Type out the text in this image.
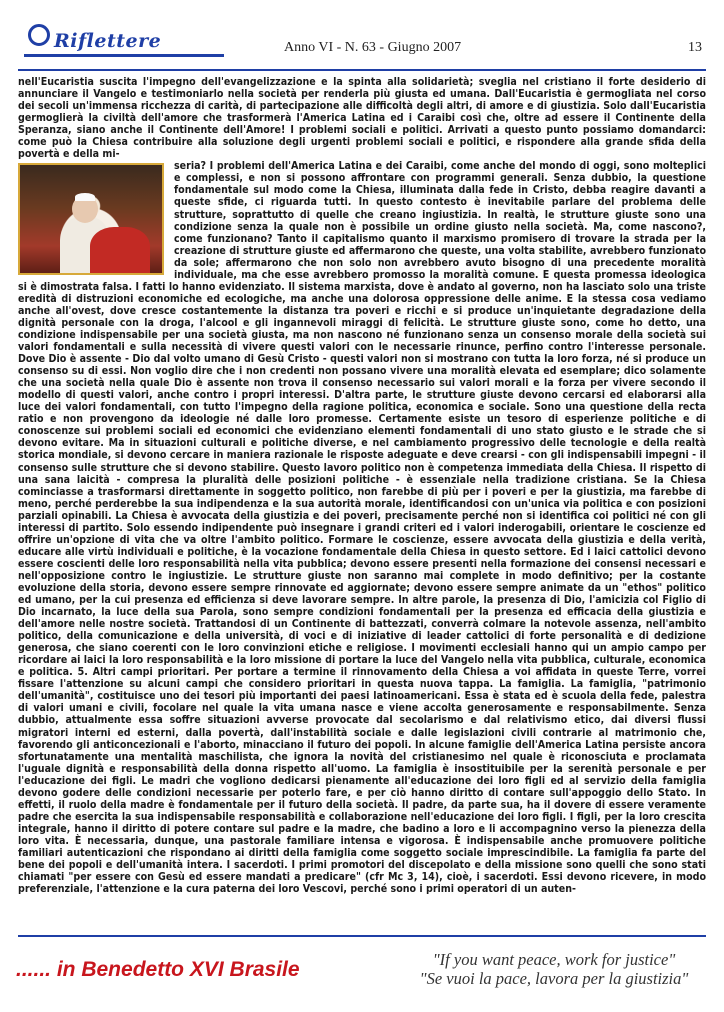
Riflettere	Anno VI - N. 63 - Giugno 2007	13

nell'Eucaristia suscita l'impegno dell'evangelizzazione e la spinta alla solidarietà; sveglia nel cristiano il forte desiderio di annunciare il Vangelo e testimoniarlo nella società per renderla più giusta ed umana. Dall'Eucaristia è germogliata nel corso dei secoli un'immensa ricchezza di carità, di partecipazione alle difficoltà degli altri, di amore e di giustizia. Solo dall'Eucaristia germoglierà la civiltà dell'amore che trasformerà l'America Latina ed i Caraibi così che, oltre ad essere il Continente della Speranza, siano anche il Continente dell'Amore! I problemi sociali e politici. Arrivati a questo punto possiamo domandarci: come può la Chiesa contribuire alla soluzione degli urgenti problemi sociali e politici, e rispondere alla grande sfida della povertà e della mi-

seria? I problemi dell'America Latina e dei Caraibi, come anche del mondo di oggi, sono molteplici e complessi, e non si possono affrontare con programmi generali. Senza dubbio, la questione fondamentale sul modo come la Chiesa, illuminata dalla fede in Cristo, debba reagire davanti a queste sfide, ci riguarda tutti. In questo contesto è inevitabile parlare del problema delle strutture, soprattutto di quelle che creano ingiustizia. In realtà, le strutture giuste sono una condizione senza la quale non è possibile un ordine giusto nella società. Ma, come nascono?, come funzionano? Tanto il capitalismo quanto il marxismo promisero di trovare la strada per la creazione di strutture giuste ed affermarono che queste, una volta stabilite, avrebbero funzionato da sole; affermarono che non solo non avrebbero avuto bisogno di una precedente moralità individuale, ma che esse avrebbero promosso la moralità comune. E questa promessa ideologica si è dimostrata falsa. I fatti lo hanno evidenziato. Il sistema marxista, dove è andato al governo, non ha lasciato solo una triste eredità di distruzioni economiche ed ecologiche, ma anche una dolorosa oppressione delle anime. E la stessa cosa vediamo anche all'ovest, dove cresce costantemente la distanza tra poveri e ricchi e si produce un'inquietante degradazione della dignità personale con la droga, l'alcool e gli ingannevoli miraggi di felicità. Le strutture giuste sono, come ho detto, una condizione indispensabile per una società giusta, ma non nascono né funzionano senza un consenso morale della società sui valori fondamentali e sulla necessità di vivere questi valori con le necessarie rinunce, perfino contro l'interesse personale. Dove Dio è assente - Dio dal volto umano di Gesù Cristo - questi valori non si mostrano con tutta la loro forza, né si produce un consenso su di essi. Non voglio dire che i non credenti non possano vivere una moralità elevata ed esemplare; dico solamente che una società nella quale Dio è assente non trova il consenso necessario sui valori morali e la forza per vivere secondo il modello di questi valori, anche contro i propri interessi. D'altra parte, le strutture giuste devono cercarsi ed elaborarsi alla luce dei valori fondamentali, con tutto l'impegno della ragione politica, economica e sociale. Sono una questione della recta ratio e non provengono da ideologie né dalle loro promesse. Certamente esiste un tesoro di esperienze politiche e di conoscenze sui problemi sociali ed economici che evidenziano elementi fondamentali di uno stato giusto e le strade che si devono evitare. Ma in situazioni culturali e politiche diverse, e nel cambiamento progressivo delle tecnologie e della realtà storica mondiale, si devono cercare in maniera razionale le risposte adeguate e deve crearsi - con gli indispensabili impegni - il consenso sulle strutture che si devono stabilire. Questo lavoro politico non è competenza immediata della Chiesa. Il rispetto di una sana laicità - compresa la pluralità delle posizioni politiche - è essenziale nella tradizione cristiana. Se la Chiesa cominciasse a trasformarsi direttamente in soggetto politico, non farebbe di più per i poveri e per la giustizia, ma farebbe di meno, perché perderebbe la sua indipendenza e la sua autorità morale, identificandosi con un'unica via politica e con posizioni parziali opinabili. La Chiesa è avvocata della giustizia e dei poveri, precisamente perché non si identifica coi politici né con gli interessi di partito. Solo essendo indipendente può insegnare i grandi criteri ed i valori inderogabili, orientare le coscienze ed offrire un'opzione di vita che va oltre l'ambito politico. Formare le coscienze, essere avvocata della giustizia e della verità, educare alle virtù individuali e politiche, è la vocazione fondamentale della Chiesa in questo settore. Ed i laici cattolici devono essere coscienti delle loro responsabilità nella vita pubblica; devono essere presenti nella formazione dei consensi necessari e nell'opposizione contro le ingiustizie. Le strutture giuste non saranno mai complete in modo definitivo; per la costante evoluzione della storia, devono essere sempre rinnovate ed aggiornate; devono essere sempre animate da un "ethos" politico ed umano, per la cui presenza ed efficienza si deve lavorare sempre. In altre parole, la presenza di Dio, l'amicizia col Figlio di Dio incarnato, la luce della sua Parola, sono sempre condizioni fondamentali per la presenza ed efficacia della giustizia e dell'amore nelle nostre società. Trattandosi di un Continente di battezzati, converrà colmare la notevole assenza, nell'ambito politico, della comunicazione e della università, di voci e di iniziative di leader cattolici di forte personalità e di dedizione generosa, che siano coerenti con le loro convinzioni etiche e religiose. I movimenti ecclesiali hanno qui un ampio campo per ricordare ai laici la loro responsabilità e la loro missione di portare la luce del Vangelo nella vita pubblica, culturale, economica e politica. 5. Altri campi prioritari. Per portare a termine il rinnovamento della Chiesa a voi affidata in queste Terre, vorrei fissare l'attenzione su alcuni campi che considero prioritari in questa nuova tappa. La famiglia. La famiglia, "patrimonio dell'umanità", costituisce uno dei tesori più importanti dei paesi latinoamericani. Essa è stata ed è scuola della fede, palestra di valori umani e civili, focolare nel quale la vita umana nasce e viene accolta generosamente e responsabilmente. Senza dubbio, attualmente essa soffre situazioni avverse provocate dal secolarismo e dal relativismo etico, dai diversi flussi migratori interni ed esterni, dalla povertà, dall'instabilità sociale e dalle legislazioni civili contrarie al matrimonio che, favorendo gli anticoncezionali e l'aborto, minacciano il futuro dei popoli. In alcune famiglie dell'America Latina persiste ancora sfortunatamente una mentalità maschilista, che ignora la novità del cristianesimo nel quale è riconosciuta e proclamata l'uguale dignità e responsabilità della donna rispetto all'uomo. La famiglia è insostituibile per la serenità personale e per l'educazione dei figli. Le madri che vogliono dedicarsi pienamente all'educazione dei loro figli ed al servizio della famiglia devono godere delle condizioni necessarie per poterlo fare, e per ciò hanno diritto di contare sull'appoggio dello Stato. In effetti, il ruolo della madre è fondamentale per il futuro della società. Il padre, da parte sua, ha il dovere di essere veramente padre che esercita la sua indispensabile responsabilità e collaborazione nell'educazione dei loro figli. I figli, per la loro crescita integrale, hanno il diritto di potere contare sul padre e la madre, che badino a loro e li accompagnino verso la pienezza della loro vita. È necessaria, dunque, una pastorale familiare intensa e vigorosa. È indispensabile anche promuovere politiche familiari autenticazioni che rispondano ai diritti della famiglia come soggetto sociale imprescindibile. La famiglia fa parte del bene dei popoli e dell'umanità intera. I sacerdoti. I primi promotori del discepolato e della missione sono quelli che sono stati chiamati "per essere con Gesù ed essere mandati a predicare" (cfr Mc 3, 14), cioè, i sacerdoti. Essi devono ricevere, in modo preferenziale, l'attenzione e la cura paterna dei loro Vescovi, perché sono i primi operatori di un auten-

...... in Benedetto XVI Brasile	"If you want peace, work for justice"
"Se vuoi la pace, lavora per la giustizia"
